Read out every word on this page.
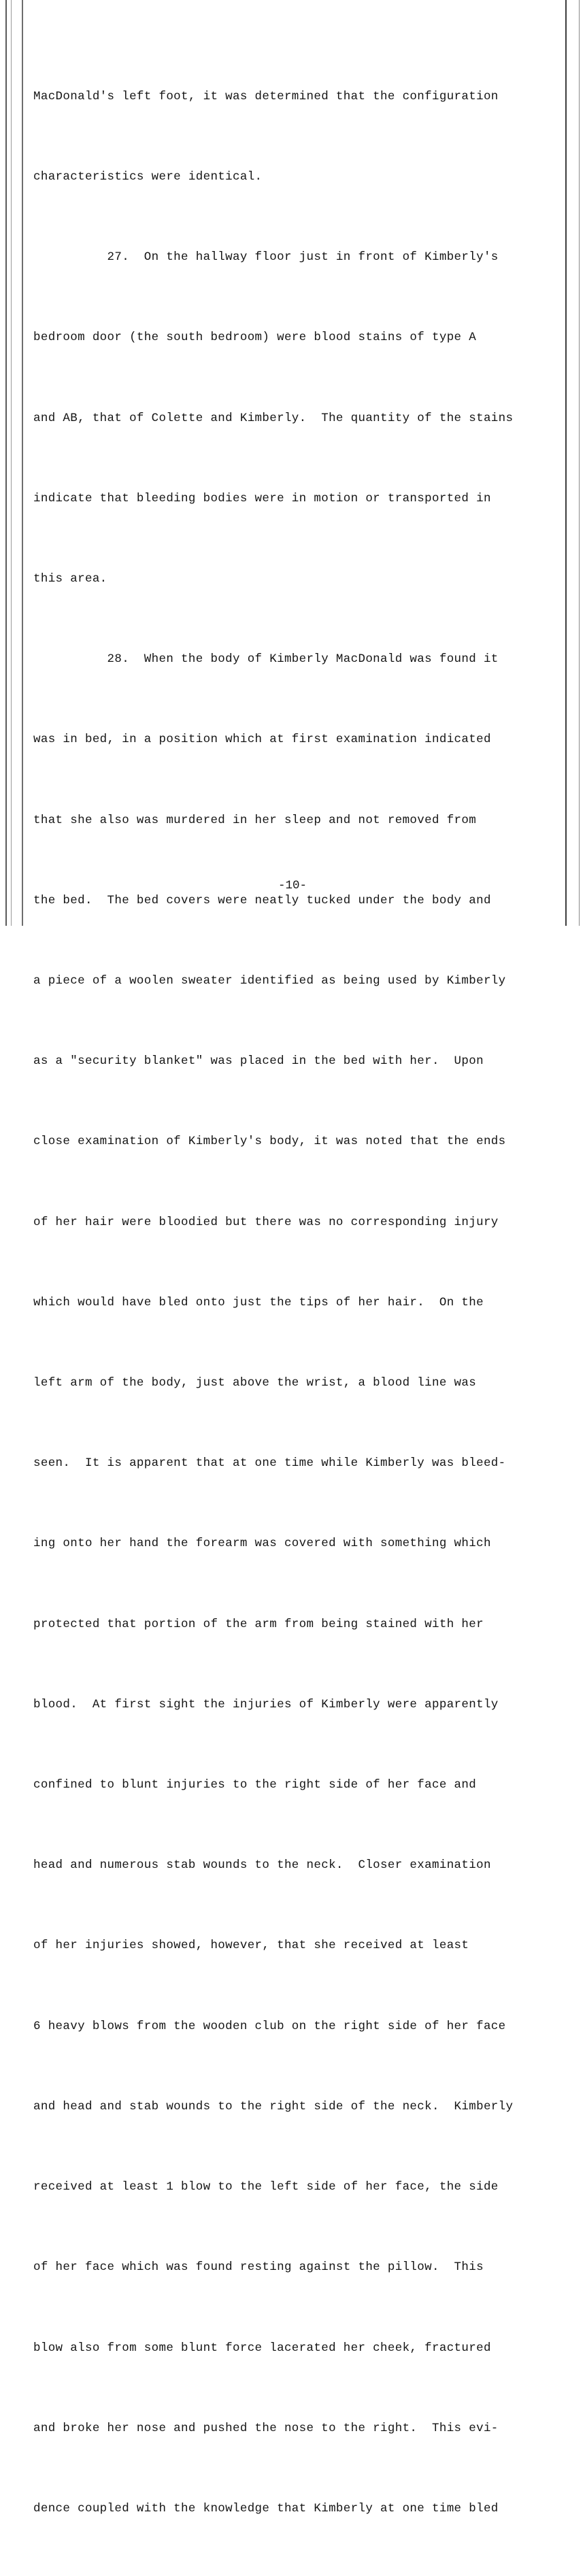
MacDonald's left foot, it was determined that the configuration

characteristics were identical.

27.  On the hallway floor just in front of Kimberly's

bedroom door (the south bedroom) were blood stains of type A

and AB, that of Colette and Kimberly.  The quantity of the stains

indicate that bleeding bodies were in motion or transported in

this area.

28.  When the body of Kimberly MacDonald was found it

was in bed, in a position which at first examination indicated

that she also was murdered in her sleep and not removed from

the bed.  The bed covers were neatly tucked under the body and

a piece of a woolen sweater identified as being used by Kimberly

as a "security blanket" was placed in the bed with her.  Upon

close examination of Kimberly's body, it was noted that the ends

of her hair were bloodied but there was no corresponding injury

which would have bled onto just the tips of her hair.  On the

left arm of the body, just above the wrist, a blood line was

seen.  It is apparent that at one time while Kimberly was bleed-

ing onto her hand the forearm was covered with something which

protected that portion of the arm from being stained with her

blood.  At first sight the injuries of Kimberly were apparently

confined to blunt injuries to the right side of her face and

head and numerous stab wounds to the neck.  Closer examination

of her injuries showed, however, that she received at least

6 heavy blows from the wooden club on the right side of her face

and head and stab wounds to the right side of the neck.  Kimberly

received at least 1 blow to the left side of her face, the side

of her face which was found resting against the pillow.  This

blow also from some blunt force lacerated her cheek, fractured

and broke her nose and pushed the nose to the right.  This evi-

dence coupled with the knowledge that Kimberly at one time bled

-10-
